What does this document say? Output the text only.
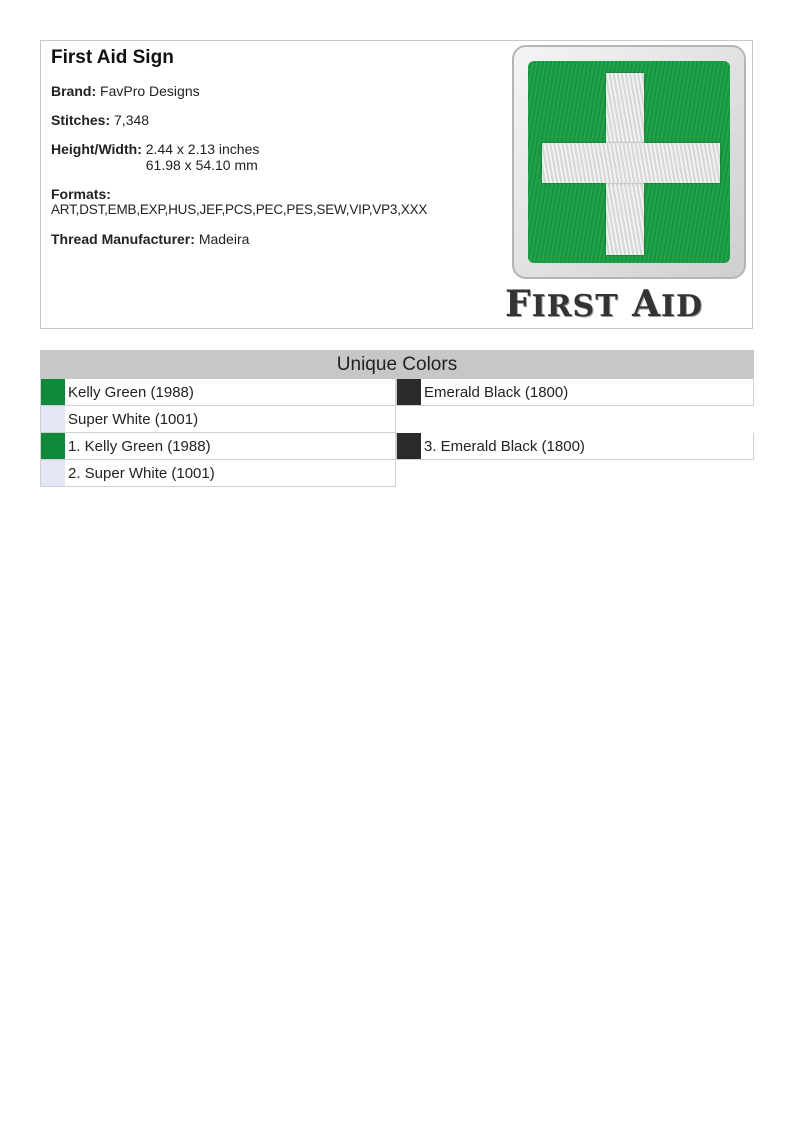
First Aid Sign
Brand: FavPro Designs
Stitches: 7,348
Height/Width: 2.44 x 2.13 inches
61.98 x 54.10 mm
Formats:
ART,DST,EMB,EXP,HUS,JEF,PCS,PEC,PES,SEW,VIP,VP3,XXX
Thread Manufacturer: Madeira
FIRST AID
Unique Colors
Kelly Green (1988)	Emerald Black (1800)
Super White (1001)
1. Kelly Green (1988)	3. Emerald Black (1800)
2. Super White (1001)
